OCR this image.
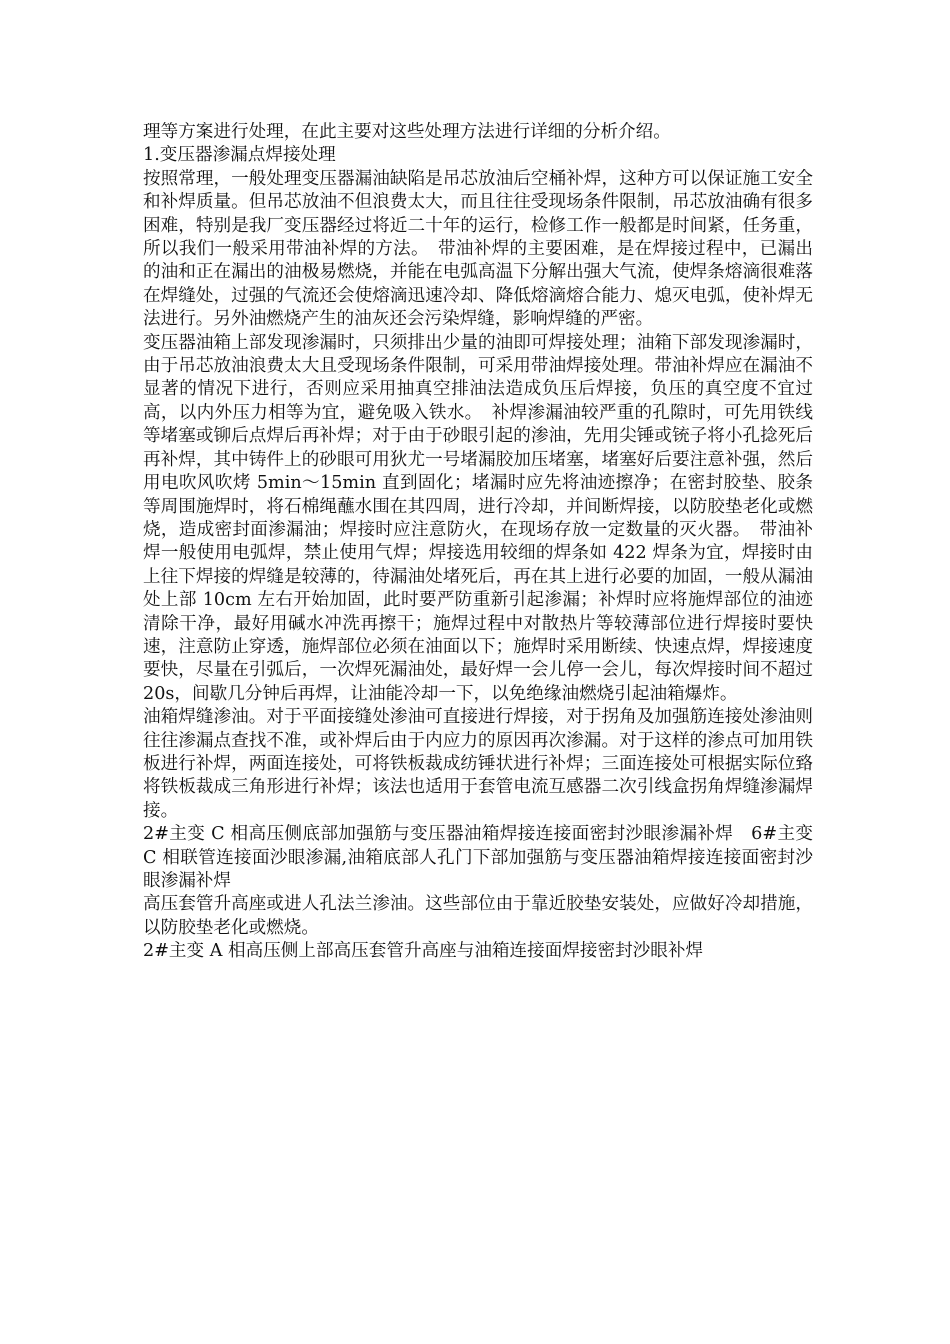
理等方案进行处理，在此主要对这些处理方法进行详细的分析介绍。

1.变压器渗漏点焊接处理

按照常理，一般处理变压器漏油缺陷是吊芯放油后空桶补焊，这种方可以保证施工安全和补焊质量。但吊芯放油不但浪费太大，而且往往受现场条件限制，吊芯放油确有很多困难，特别是我厂变压器经过将近二十年的运行，检修工作一般都是时间紧，任务重，所以我们一般采用带油补焊的方法。　带油补焊的主要困难，是在焊接过程中，已漏出的油和正在漏出的油极易燃烧，并能在电弧高温下分解出强大气流，使焊条熔滴很难落在焊缝处，过强的气流还会使熔滴迅速冷却、降低熔滴熔合能力、熄灭电弧，使补焊无法进行。另外油燃烧产生的油灰还会污染焊缝，影响焊缝的严密。

变压器油箱上部发现渗漏时，只须排出少量的油即可焊接处理；油箱下部发现渗漏时，由于吊芯放油浪费太大且受现场条件限制，可采用带油焊接处理。带油补焊应在漏油不显著的情况下进行，否则应采用抽真空排油法造成负压后焊接，负压的真空度不宜过高，以内外压力相等为宜，避免吸入铁水。　补焊渗漏油较严重的孔隙时，可先用铁线等堵塞或铆后点焊后再补焊；对于由于砂眼引起的渗油，先用尖锤或铳子将小孔捻死后再补焊，其中铸件上的砂眼可用狄尤一号堵漏胶加压堵塞，堵塞好后要注意补强，然后用电吹风吹烤 5min～15min 直到固化；堵漏时应先将油迹擦净；在密封胶垫、胶条等周围施焊时，将石棉绳蘸水围在其四周，进行冷却，并间断焊接，以防胶垫老化或燃烧，造成密封面渗漏油；焊接时应注意防火，在现场存放一定数量的灭火器。　带油补焊一般使用电弧焊，禁止使用气焊；焊接选用较细的焊条如 422 焊条为宜，焊接时由上往下焊接的焊缝是较薄的，待漏油处堵死后，再在其上进行必要的加固，一般从漏油处上部 10cm 左右开始加固，此时要严防重新引起渗漏；补焊时应将施焊部位的油迹清除干净，最好用碱水冲洗再擦干；施焊过程中对散热片等较薄部位进行焊接时要快速，注意防止穿透，施焊部位必须在油面以下；施焊时采用断续、快速点焊，焊接速度要快，尽量在引弧后，一次焊死漏油处，最好焊一会儿停一会儿，每次焊接时间不超过 20s，间歇几分钟后再焊，让油能冷却一下，以免绝缘油燃烧引起油箱爆炸。

油箱焊缝渗油。对于平面接缝处渗油可直接进行焊接，对于拐角及加强筋连接处渗油则往往渗漏点查找不准，或补焊后由于内应力的原因再次渗漏。对于这样的渗点可加用铁板进行补焊，两面连接处，可将铁板裁成纺锤状进行补焊；三面连接处可根据实际位臵将铁板裁成三角形进行补焊；该法也适用于套管电流互感器二次引线盒拐角焊缝渗漏焊接。

2#主变 C 相高压侧底部加强筋与变压器油箱焊接连接面密封沙眼渗漏补焊　6#主变 C 相联管连接面沙眼渗漏,油箱底部人孔门下部加强筋与变压器油箱焊接连接面密封沙眼渗漏补焊

高压套管升高座或进人孔法兰渗油。这些部位由于靠近胶垫安装处，应做好冷却措施，以防胶垫老化或燃烧。

2#主变 A 相高压侧上部高压套管升高座与油箱连接面焊接密封沙眼补焊
